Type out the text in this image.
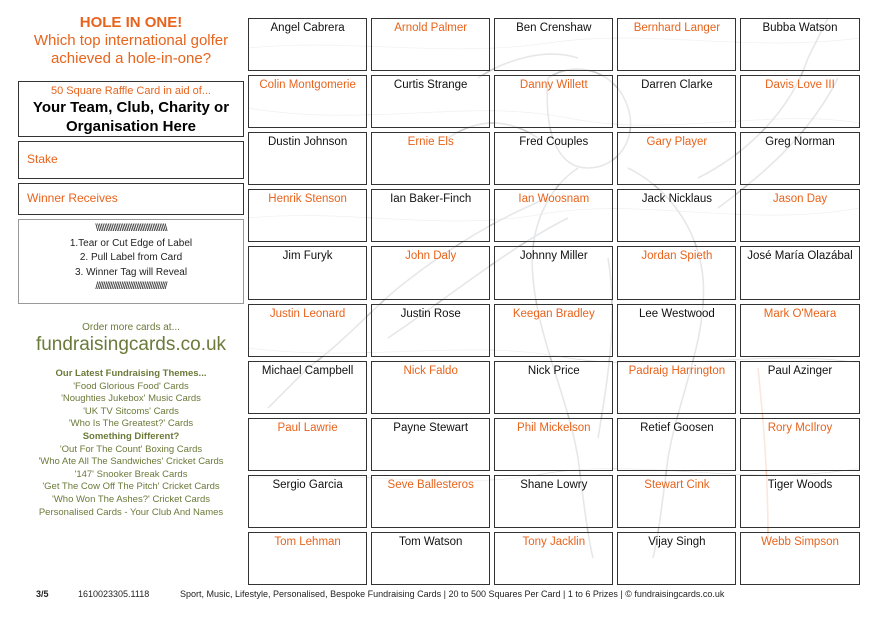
HOLE IN ONE!
Which top international golfer achieved a hole-in-one?
50 Square Raffle Card in aid of...
Your Team, Club, Charity or Organisation Here
Stake
Winner Receives
\\\\\\\\\\\\\\\\\\\\\\\\\\\\\\\\\\\\\\\\
1.Tear or Cut Edge of Label
2. Pull Label from Card
3. Winner Tag will Reveal
////////////////////////////////////////
Order more cards at...
fundraisingcards.co.uk
Our Latest Fundraising Themes...
'Food Glorious Food' Cards
'Noughties Jukebox' Music Cards
'UK TV Sitcoms' Cards
'Who Is The Greatest?' Cards
Something Different?
'Out For The Count' Boxing Cards
'Who Ate All The Sandwiches' Cricket Cards
'147' Snooker Break Cards
'Get The Cow Off The Pitch' Cricket Cards
'Who Won The Ashes?' Cricket Cards
Personalised Cards - Your Club And Names
Angel Cabrera	Arnold Palmer	Ben Crenshaw	Bernhard Langer	Bubba Watson
Colin Montgomerie	Curtis Strange	Danny Willett	Darren Clarke	Davis Love III
Dustin Johnson	Ernie Els	Fred Couples	Gary Player	Greg Norman
Henrik Stenson	Ian Baker-Finch	Ian Woosnam	Jack Nicklaus	Jason Day
Jim Furyk	John Daly	Johnny Miller	Jordan Spieth	José María Olazábal
Justin Leonard	Justin Rose	Keegan Bradley	Lee Westwood	Mark O'Meara
Michael Campbell	Nick Faldo	Nick Price	Padraig Harrington	Paul Azinger
Paul Lawrie	Payne Stewart	Phil Mickelson	Retief Goosen	Rory McIlroy
Sergio Garcia	Seve Ballesteros	Shane Lowry	Stewart Cink	Tiger Woods
Tom Lehman	Tom Watson	Tony Jacklin	Vijay Singh	Webb Simpson
3/5	1610023305.1118	Sport, Music, Lifestyle, Personalised, Bespoke Fundraising Cards | 20 to 500 Squares Per Card | 1 to 6 Prizes | © fundraisingcards.co.uk
